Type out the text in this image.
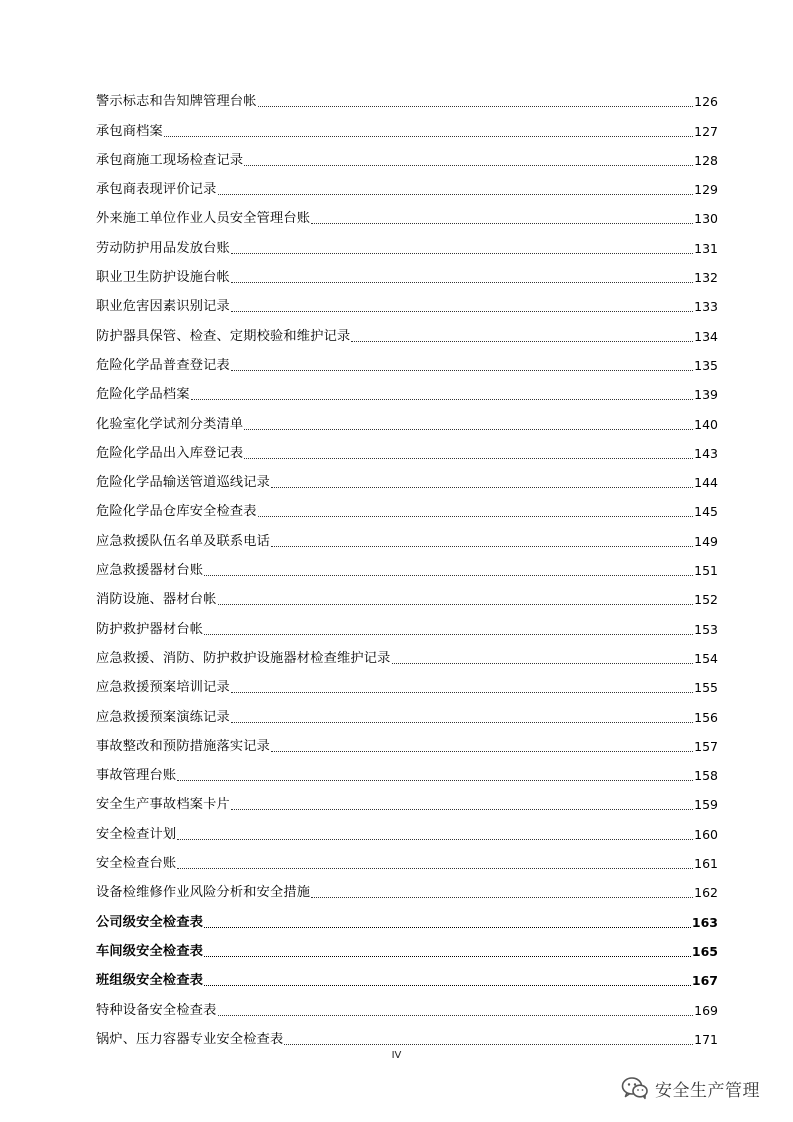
警示标志和告知牌管理台帐	126
承包商档案	127
承包商施工现场检查记录	128
承包商表现评价记录	129
外来施工单位作业人员安全管理台账	130
劳动防护用品发放台账	131
职业卫生防护设施台帐	132
职业危害因素识别记录	133
防护器具保管、检查、定期校验和维护记录	134
危险化学品普查登记表	135
危险化学品档案	139
化验室化学试剂分类清单	140
危险化学品出入库登记表	143
危险化学品输送管道巡线记录	144
危险化学品仓库安全检查表	145
应急救援队伍名单及联系电话	149
应急救援器材台账	151
消防设施、器材台帐	152
防护救护器材台帐	153
应急救援、消防、防护救护设施器材检查维护记录	154
应急救援预案培训记录	155
应急救援预案演练记录	156
事故整改和预防措施落实记录	157
事故管理台账	158
安全生产事故档案卡片	159
安全检查计划	160
安全检查台账	161
设备检维修作业风险分析和安全措施	162
公司级安全检查表	163
车间级安全检查表	165
班组级安全检查表	167
特种设备安全检查表	169
锅炉、压力容器专业安全检查表	171
IV
安全生产管理
